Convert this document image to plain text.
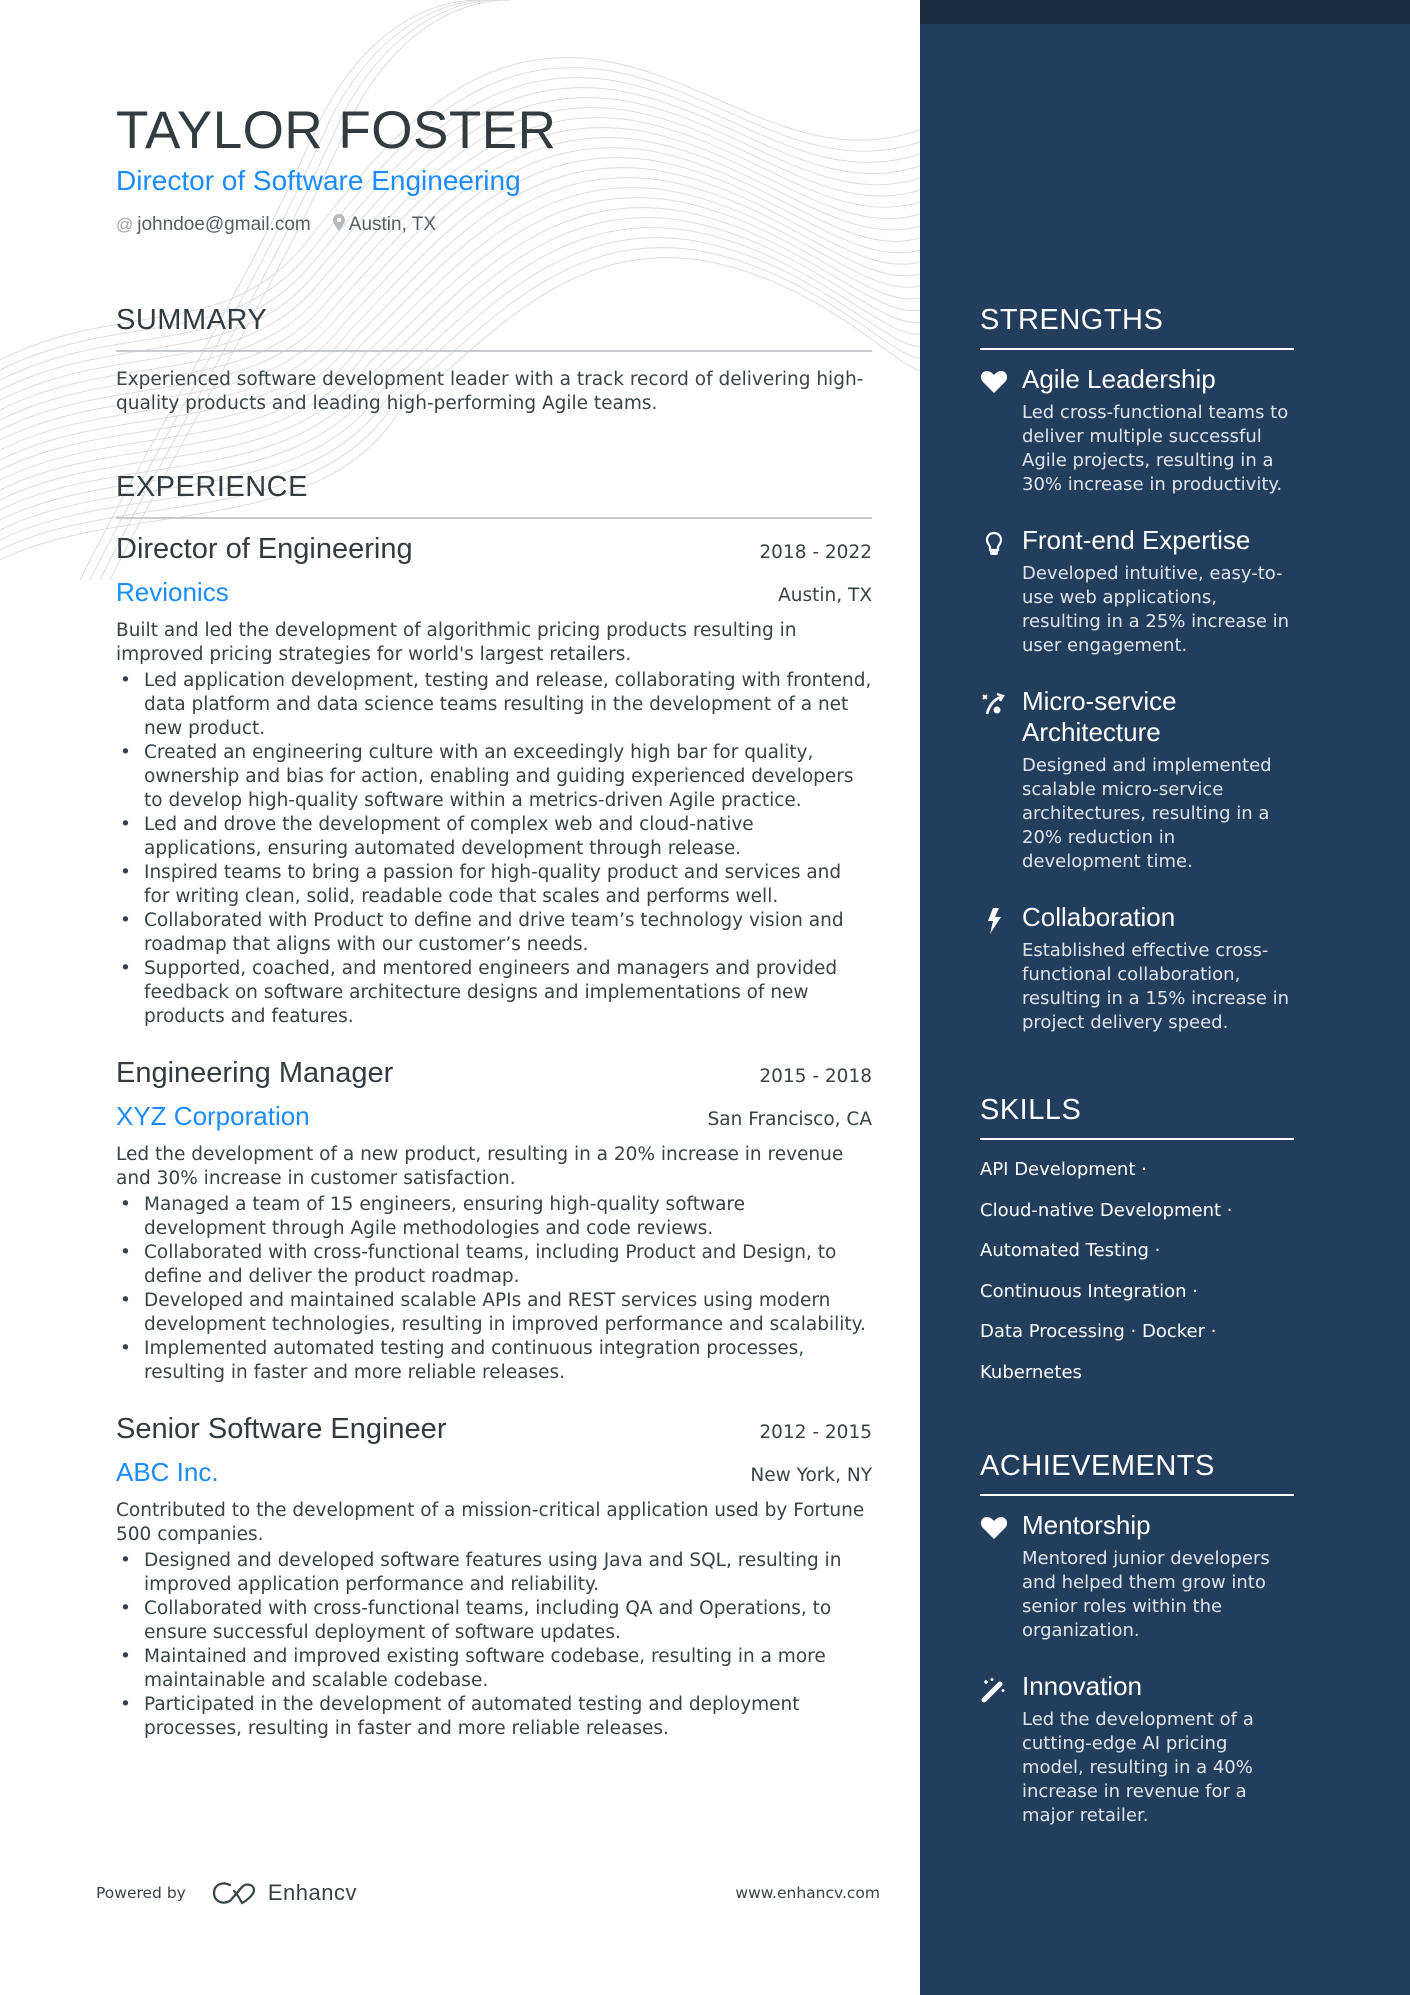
TAYLOR FOSTER
Director of Software Engineering
@ johndoe@gmail.com Austin, TX
SUMMARY
Experienced software development leader with a track record of delivering high-quality products and leading high-performing Agile teams.
EXPERIENCE
Director of Engineering	2018 - 2022
Revionics	Austin, TX
Built and led the development of algorithmic pricing products resulting in improved pricing strategies for world's largest retailers.
• Led application development, testing and release, collaborating with frontend, data platform and data science teams resulting in the development of a net new product.
• Created an engineering culture with an exceedingly high bar for quality, ownership and bias for action, enabling and guiding experienced developers to develop high-quality software within a metrics-driven Agile practice.
• Led and drove the development of complex web and cloud-native applications, ensuring automated development through release.
• Inspired teams to bring a passion for high-quality product and services and for writing clean, solid, readable code that scales and performs well.
• Collaborated with Product to define and drive team’s technology vision and roadmap that aligns with our customer’s needs.
• Supported, coached, and mentored engineers and managers and provided feedback on software architecture designs and implementations of new products and features.
Engineering Manager	2015 - 2018
XYZ Corporation	San Francisco, CA
Led the development of a new product, resulting in a 20% increase in revenue and 30% increase in customer satisfaction.
• Managed a team of 15 engineers, ensuring high-quality software development through Agile methodologies and code reviews.
• Collaborated with cross-functional teams, including Product and Design, to define and deliver the product roadmap.
• Developed and maintained scalable APIs and REST services using modern development technologies, resulting in improved performance and scalability.
• Implemented automated testing and continuous integration processes, resulting in faster and more reliable releases.
Senior Software Engineer	2012 - 2015
ABC Inc.	New York, NY
Contributed to the development of a mission-critical application used by Fortune 500 companies.
• Designed and developed software features using Java and SQL, resulting in improved application performance and reliability.
• Collaborated with cross-functional teams, including QA and Operations, to ensure successful deployment of software updates.
• Maintained and improved existing software codebase, resulting in a more maintainable and scalable codebase.
• Participated in the development of automated testing and deployment processes, resulting in faster and more reliable releases.
Powered by	Enhancv	www.enhancv.com
STRENGTHS
Agile Leadership
Led cross-functional teams to deliver multiple successful Agile projects, resulting in a 30% increase in productivity.
Front-end Expertise
Developed intuitive, easy-to-use web applications, resulting in a 25% increase in user engagement.
Micro-service Architecture
Designed and implemented scalable micro-service architectures, resulting in a 20% reduction in development time.
Collaboration
Established effective cross-functional collaboration, resulting in a 15% increase in project delivery speed.
SKILLS
API Development ·
Cloud-native Development ·
Automated Testing ·
Continuous Integration ·
Data Processing · Docker ·
Kubernetes
ACHIEVEMENTS
Mentorship
Mentored junior developers and helped them grow into senior roles within the organization.
Innovation
Led the development of a cutting-edge AI pricing model, resulting in a 40% increase in revenue for a major retailer.
